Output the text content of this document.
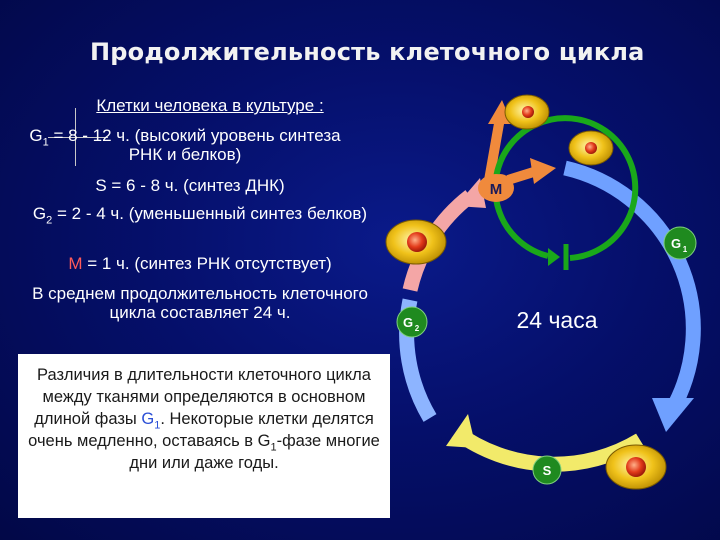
Продолжительность клеточного цикла
Клетки человека в культуре :
$G_1 = 8 - 12$ ч. (высокий уровень синтеза РНК и белков)
S = 6 - 8 ч. (синтез ДНК)
$G_2 = 2 - 4$ ч. (уменьшенный синтез белков)
M = 1 ч. (синтез РНК отсутствует)
В среднем продолжительность клеточного цикла составляет 24 ч.
Различия в длительности клеточного цикла между тканями определяются в основном длиной фазы $G_1$. Некоторые клетки делятся очень медленно, оставаясь в $G_1$-фазе многие дни или даже годы.
M
G 1
S
G 2	24 часа
